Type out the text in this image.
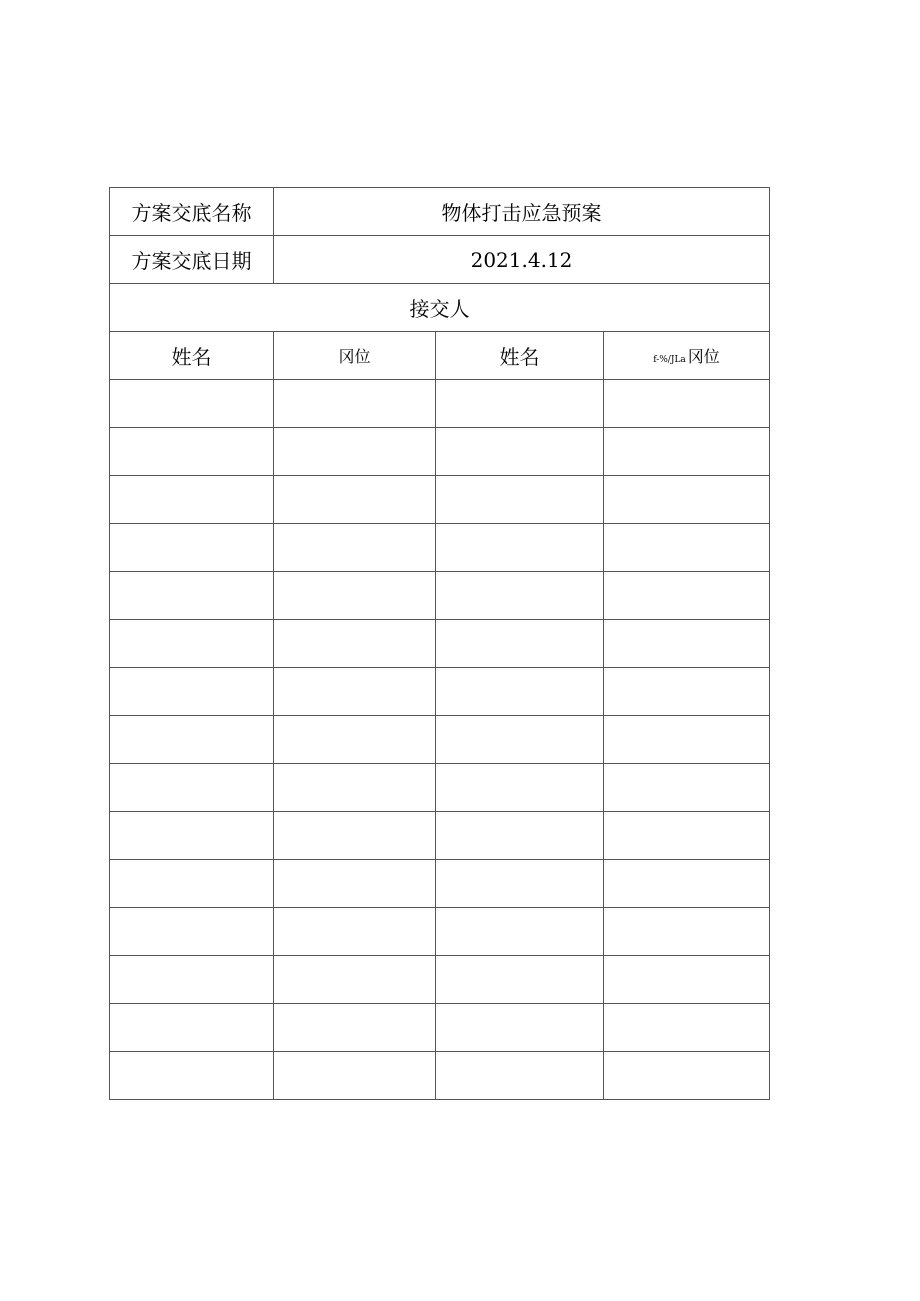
方案交底名称	物体打击应急预案		
方案交底日期	2021.4.12		
接交人			
姓名	冈位	姓名	f-%/JLa 冈位
